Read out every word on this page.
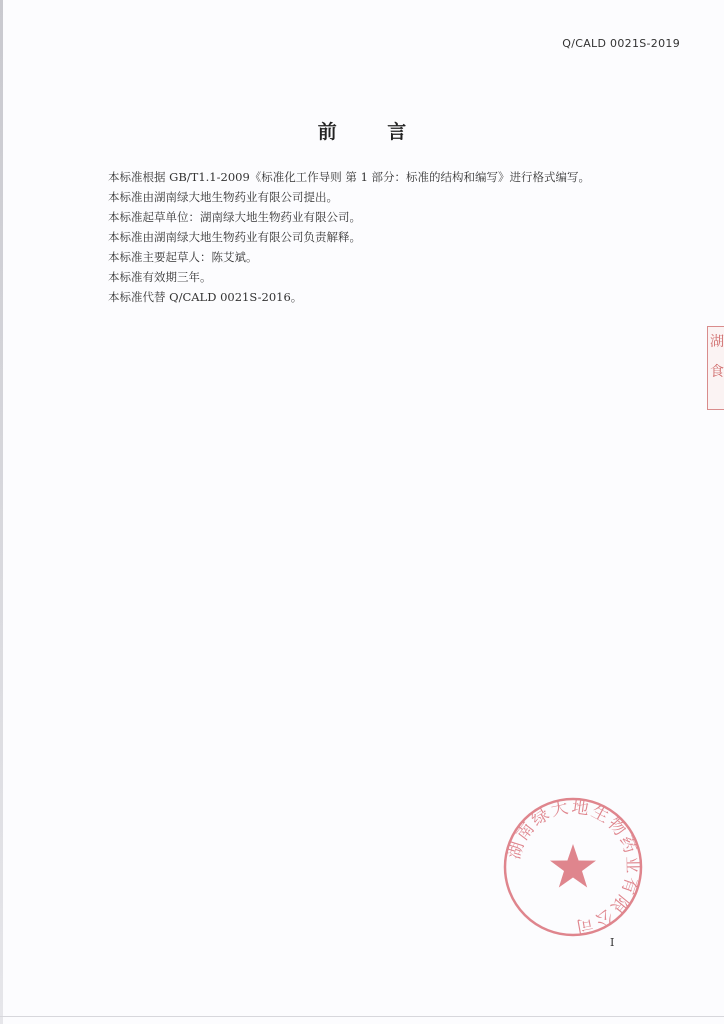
Q/CALD 0021S-2019
前 言

本标准根据 GB/T1.1-2009《标准化工作导则 第 1 部分：标准的结构和编写》进行格式编写。

本标准由湖南绿大地生物药业有限公司提出。

本标准起草单位：湖南绿大地生物药业有限公司。

本标准由湖南绿大地生物药业有限公司负责解释。

本标准主要起草人：陈艾斌。

本标准有效期三年。

本标准代替 Q/CALD 0021S-2016。

湖
食
湖南绿大地生物药业有限公司
I
